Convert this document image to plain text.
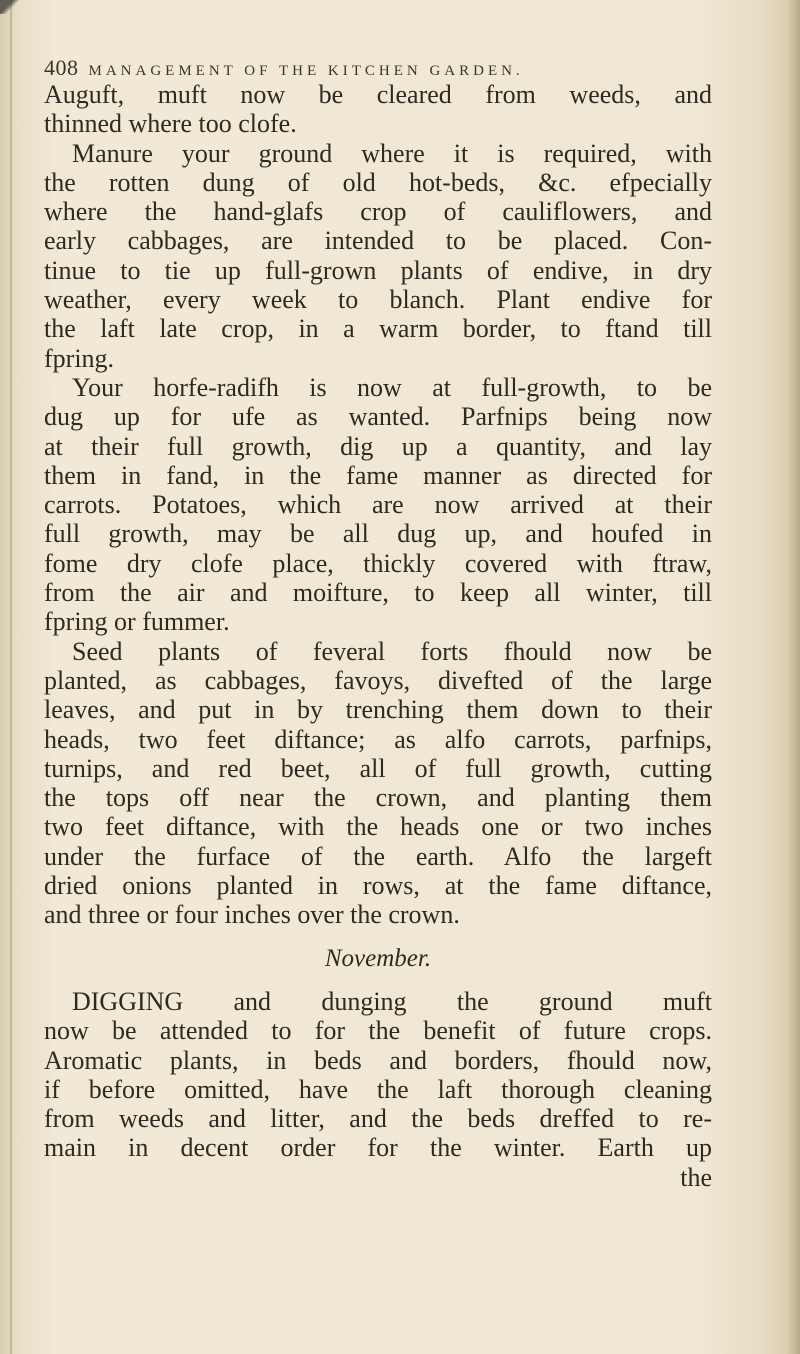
408 MANAGEMENT OF THE KITCHEN GARDEN.
Auguft, muft now be cleared from weeds, and
thinned where too clofe.
Manure your ground where it is required, with
the rotten dung of old hot-beds, &c. efpecially
where the hand-glafs crop of cauliflowers, and
early cabbages, are intended to be placed. Con-
tinue to tie up full-grown plants of endive, in dry
weather, every week to blanch. Plant endive for
the laft late crop, in a warm border, to ftand till
fpring.
Your horfe-radifh is now at full-growth, to be
dug up for ufe as wanted. Parfnips being now
at their full growth, dig up a quantity, and lay
them in fand, in the fame manner as directed for
carrots. Potatoes, which are now arrived at their
full growth, may be all dug up, and houfed in
fome dry clofe place, thickly covered with ftraw,
from the air and moifture, to keep all winter, till
fpring or fummer.
Seed plants of feveral forts fhould now be
planted, as cabbages, favoys, divefted of the large
leaves, and put in by trenching them down to their
heads, two feet diftance; as alfo carrots, parfnips,
turnips, and red beet, all of full growth, cutting
the tops off near the crown, and planting them
two feet diftance, with the heads one or two inches
under the furface of the earth. Alfo the largeft
dried onions planted in rows, at the fame diftance,
and three or four inches over the crown.
November.
DIGGING and dunging the ground muft
now be attended to for the benefit of future crops.
Aromatic plants, in beds and borders, fhould now,
if before omitted, have the laft thorough cleaning
from weeds and litter, and the beds dreffed to re-
main in decent order for the winter. Earth up
the
